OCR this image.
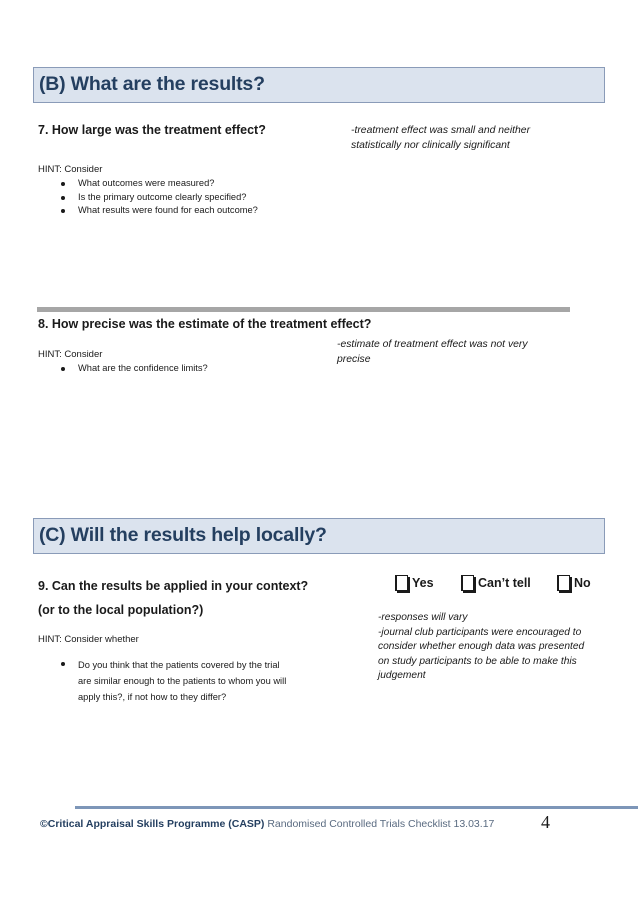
(B) What are the results?
7. How large was the treatment effect?	-treatment effect was small and neither
statistically nor clinically significant
HINT: Consider
What outcomes were measured?
Is the primary outcome clearly specified?
What results were found for each outcome?
8. How precise was the estimate of the treatment effect?
-estimate of treatment effect was not very
precise
HINT: Consider
What are the confidence limits?
(C) Will the results help locally?
9. Can the results be applied in your context?
(or to the local population?)
Yes	Can’t tell	No
-responses will vary
-journal club participants were encouraged to
consider whether enough data was presented
on study participants to be able to make this
judgement
HINT: Consider whether
Do you think that the patients covered by the trial
are similar enough to the patients to whom you will
apply this?, if not how to they differ?
©Critical Appraisal Skills Programme (CASP) Randomised Controlled Trials Checklist 13.03.17	4
